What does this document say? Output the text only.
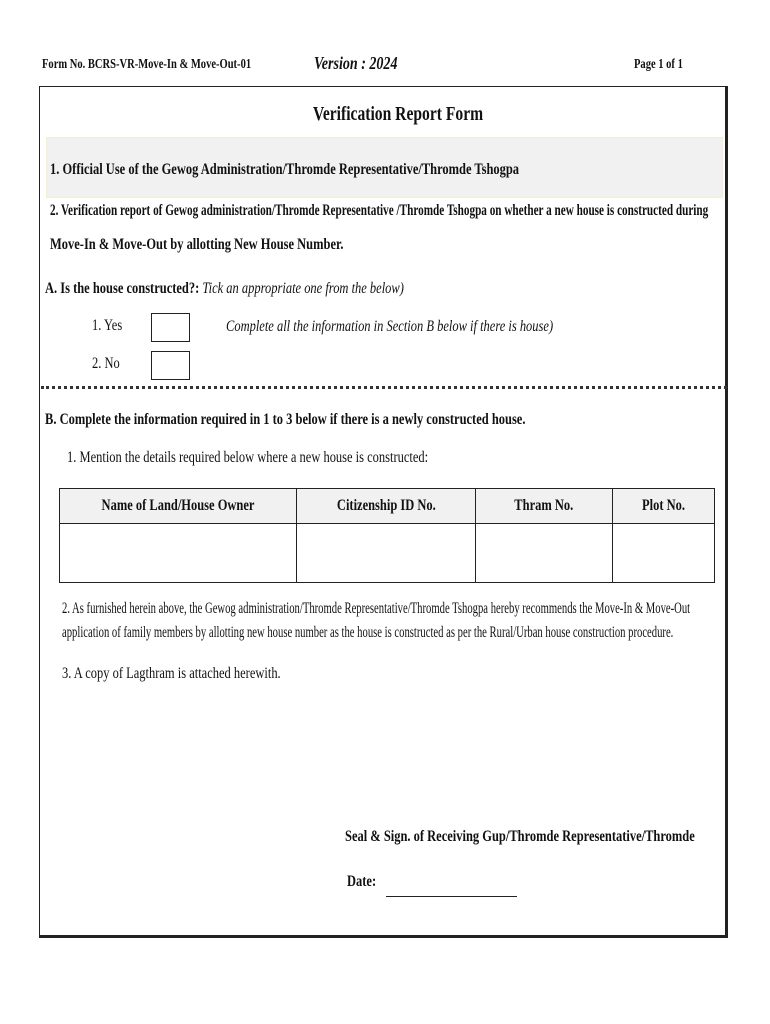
Form No. BCRS-VR-Move-In & Move-Out-01	Version : 2024	Page 1 of 1
Verification Report Form
1. Official Use of the Gewog Administration/Thromde Representative/Thromde Tshogpa
2. Verification report of Gewog administration/Thromde Representative /Thromde Tshogpa on whether a new house is constructed during
Move-In & Move-Out by allotting New House Number.
A. Is the house constructed?: Tick an appropriate one from the below)
1. Yes	Complete all the information in Section B below if there is house)
2. No
B. Complete the information required in 1 to 3 below if there is a newly constructed house.
1. Mention the details required below where a new house is constructed:
Name of Land/House Owner	Citizenship ID No.	Thram No.	Plot No.

2. As furnished herein above, the Gewog administration/Thromde Representative/Thromde Tshogpa hereby recommends the Move-In & Move-Out
application of family members by allotting new house number as the house is constructed as per the Rural/Urban house construction procedure.
3. A copy of Lagthram is attached herewith.
Seal & Sign. of Receiving Gup/Thromde Representative/Thromde
Date:
